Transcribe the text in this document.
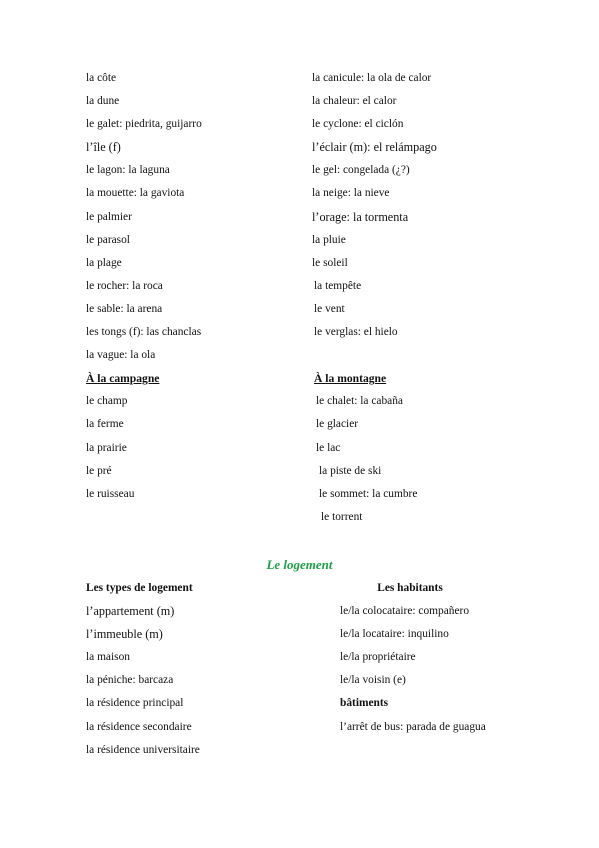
la côte
la dune
le galet: piedrita, guijarro
l’île (f)
le lagon: la laguna
la mouette: la gaviota
le palmier
le parasol
la plage
le rocher: la roca
le sable: la arena
les tongs (f): las chanclas
la vague: la ola
À la campagne
le champ
la ferme
la prairie
le pré
le ruisseau
la canicule: la ola de calor
la chaleur: el calor
le cyclone: el ciclón
l’éclair (m): el relámpago
le gel: congelada (¿?)
la neige: la nieve
l’orage: la tormenta
la pluie
le soleil
la tempête
le vent
le verglas: el hielo
À la montagne
le chalet: la cabaña
le glacier
le lac
la piste de ski
le sommet: la cumbre
le torrent
Le logement
Les types de logement
l’appartement (m)
l’immeuble (m)
la maison
la péniche: barcaza
la résidence principal
la résidence secondaire
la résidence universitaire
Les habitants
le/la colocataire: compañero
le/la locataire: inquilino
le/la propriétaire
le/la voisin (e)
bâtiments
l’arrêt de bus: parada de guagua
